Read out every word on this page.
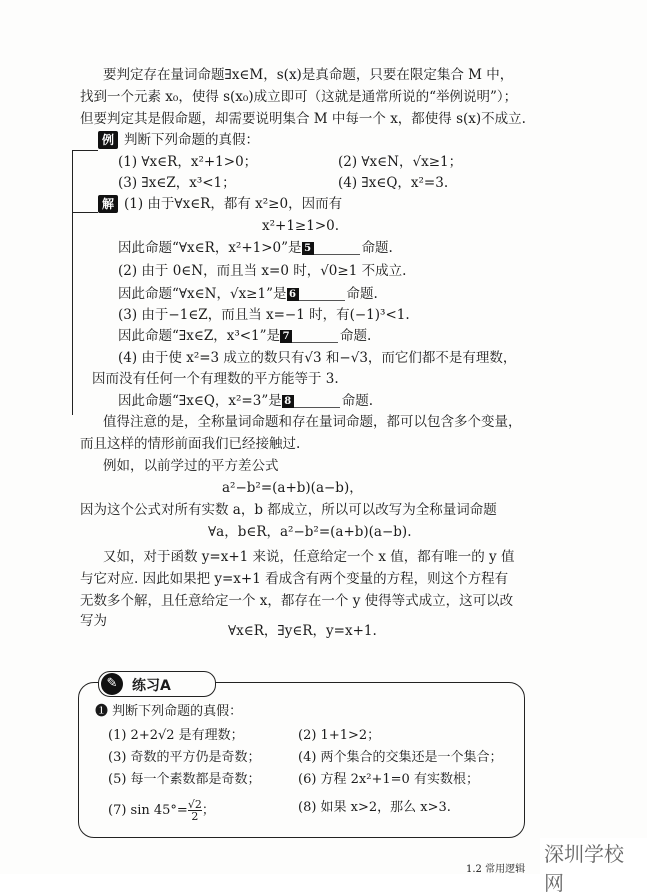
要判定存在量词命题∃x∈M，s(x)是真命题，只要在限定集合 M 中，
找到一个元素 x₀，使得 s(x₀)成立即可（这就是通常所说的“举例说明”）；
但要判定其是假命题，却需要说明集合 M 中每一个 x，都使得 s(x)不成立.
例 判断下列命题的真假：
(1) ∀x∈R，x²+1>0；	(2) ∀x∈N，√x≥1；
(3) ∃x∈Z，x³<1；	(4) ∃x∈Q，x²=3.
解 (1) 由于∀x∈R，都有 x²≥0，因而有
x²+1≥1>0.
因此命题“∀x∈R，x²+1>0”是 5	命题.
(2) 由于 0∈N，而且当 x=0 时，√0≥1 不成立.
因此命题“∀x∈N，√x≥1”是 6	命题.
(3) 由于−1∈Z，而且当 x=−1 时，有(−1)³<1.
因此命题“∃x∈Z，x³<1”是 7	命题.
(4) 由于使 x²=3 成立的数只有√3 和−√3，而它们都不是有理数，
因而没有任何一个有理数的平方能等于 3.
因此命题“∃x∈Q，x²=3”是 8	命题.
值得注意的是，全称量词命题和存在量词命题，都可以包含多个变量，
而且这样的情形前面我们已经接触过.
例如，以前学过的平方差公式
a²−b²=(a+b)(a−b)，
因为这个公式对所有实数 a，b 都成立，所以可以改写为全称量词命题
∀a，b∈R，a²−b²=(a+b)(a−b).
又如，对于函数 y=x+1 来说，任意给定一个 x 值，都有唯一的 y 值
与它对应. 因此如果把 y=x+1 看成含有两个变量的方程，则这个方程有
无数多个解，且任意给定一个 x，都存在一个 y 使得等式成立，这可以改
写为
∀x∈R，∃y∈R，y=x+1.
✎	练习A
❶ 判断下列命题的真假：
(1) 2+2√2 是有理数；	(2) 1+1>2；
(3) 奇数的平方仍是奇数；	(4) 两个集合的交集还是一个集合；
(5) 每一个素数都是奇数；	(6) 方程 2x²+1=0 有实数根；
(7) $\sin 45^\circ= \frac{√2}{2}$ ；	(8) 如果 x>2，那么 x>3.
深圳学校网
1.2 常用逻辑
